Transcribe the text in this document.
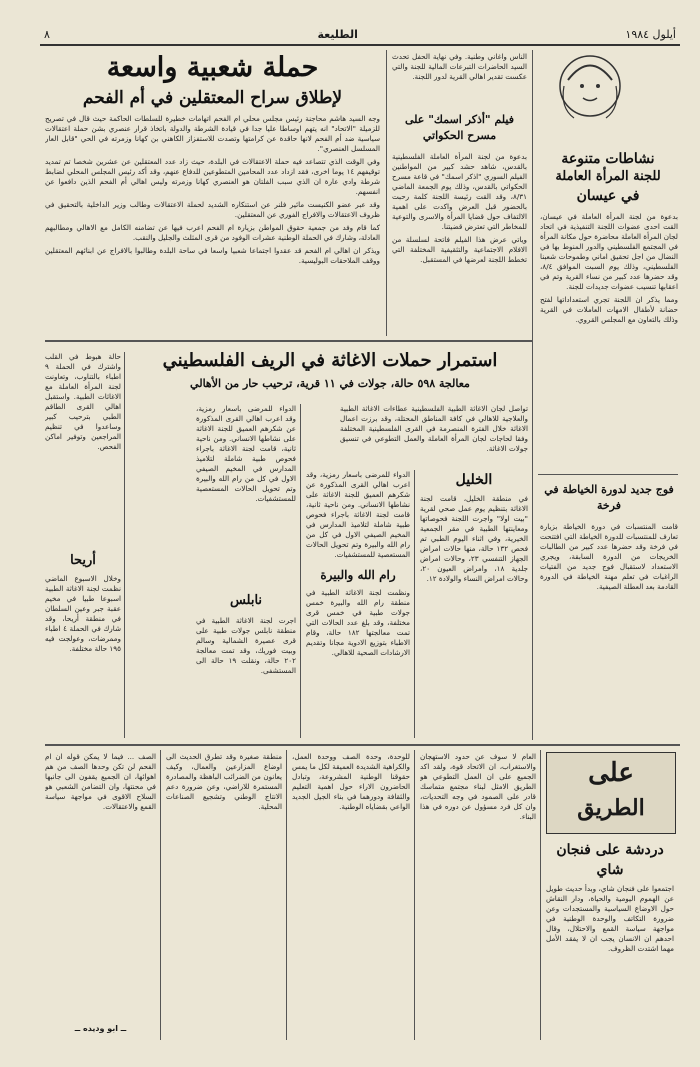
أيلول ١٩٨٤
الطليعة
٨
حملة شعبية واسعة
لإطلاق سراح المعتقلين في أم الفحم

وجه السيد هاشم محاجنة رئيس مجلس محلي ام الفحم اتهامات خطيرة للسلطات الحاكمة حيث قال في تصريح للزميلة "الاتحاد" انه يتهم اوساطا عليا جدا في قيادة الشرطة والدولة باتخاذ قرار عنصري بشن حملة اعتقالات سياسية ضد أم الفحم لانها حاقدة عن كرامتها وتصدت للاستفزاز الكاهني بن كهانا وزمرته في الحي "قابل العار المسلسل العنصري".

وفي الوقت الذي تتصاعد فيه حملة الاعتقالات في البلدة، حيث زاد عدد المعتقلين عن عشرين شخصا تم تمديد توقيفهم ١٤ يوما اخرى، فقد ازداد عدد المحامين المتطوعين للدفاع عنهم، وقد أكد رئيس المجلس المحلي لضابط شرطة وادي عارة ان الذي سبب الفلتان هو العنصري كهانا وزمرته وليس اهالي أم الفحم الذين دافعوا عن انفسهم.

وقد عبر عضو الكنيست مائير فلنر عن استنكاره الشديد لحملة الاعتقالات وطالب وزير الداخلية بالتحقيق في ظروف الاعتقالات والافراج الفوري عن المعتقلين.

كما قام وفد من جمعية حقوق المواطن بزيارة ام الفحم اعرب فيها عن تضامنه الكامل مع الاهالي ومطالبهم العادلة، وشارك في الحملة الوطنية عشرات الوفود من قرى المثلث والجليل والنقب.

ويذكر ان اهالي ام الفحم قد عقدوا اجتماعا شعبيا واسعا في ساحة البلدة وطالبوا بالافراج عن ابنائهم المعتقلين ووقف الملاحقات البوليسية.

الناس واغاني وطنية. وفي نهاية الحفل تحدث السيد الحاضرات التبرعات المالية للجنة والتي عكست تقدير اهالي القرية لدور اللجنة.
فيلم "أذكر اسمك" على مسرح الحكواتي

بدعوة من لجنة المرأة العاملة الفلسطينية بالقدس، شاهد حشد كبير من المواطنين الفيلم السوري "اذكر اسمك" في قاعة مسرح الحكواتي بالقدس، وذلك يوم الجمعة الماضي ٨/٣١، وقد القت رئيسة اللجنة كلمة رحبت بالحضور قبل العرض واكدت على اهمية الالتفاف حول قضايا المرأة والاسرى والتوعية للمخاطر التي تعترض قضيتنا.

وياتي عرض هذا الفيلم فاتحة لسلسلة من الافلام الاجتماعية والتثقيفية المختلفة التي تخطط اللجنة لعرضها في المستقبل.

نشاطات متنوعة
للجنة المرأة العاملة
في عيسان

بدعوة من لجنة المرأة العاملة في عيسان، القت احدى عضوات اللجنة التنفيذية في اتحاد لجان المرأة العاملة محاضرة حول مكانة المرأة في المجتمع الفلسطيني والدور المنوط بها في النضال من اجل تحقيق اماني وطموحات شعبنا الفلسطيني، وذلك يوم السبت الموافق ٨/٤، وقد حضرها عدد كبير من نساء القرية وتم في اعقابها تنسيب عضوات جديدات للجنة.

ومما يذكر ان اللجنة تجري استعداداتها لفتح حضانة لأطفال الامهات العاملات في القرية وذلك بالتعاون مع المجلس القروي.

فوج جديد لدورة الخياطة في فرخة
قامت المنتسبات في دورة الخياطة بزيارة تعارف للمنتسبات للدورة الخياطة التي افتتحت في فرخة وقد حضرها عدد كبير من الطالبات الخريجات من الدورة السابقة، ويجري الاستعداد لاستقبال فوج جديد من الفتيات الراغبات في تعلم مهنة الخياطة في الدورة القادمة بعد العطلة الصيفية.
استمرار حملات الاغاثة في الريف الفلسطيني
معالجة ٥٩٨ حالة، جولات في ١١ قرية، ترحيب حار من الأهالي
تواصل لجان الاغاثة الطبية الفلسطينية عطاءات الاغاثة الطبية والعلاجية للاهالي في كافة المناطق المحتلة، وقد برزت اعمال الاغاثة خلال الفترة المنصرمة في القرى الفلسطينية المختلفة وفقا لحاجات لجان المرأة العاملة والعمل التطوعي في تنسيق جولات الاغاثة.
الخليل
في منطقة الخليل، قامت لجنة الاغاثة بتنظيم يوم عمل صحي لقرية "بيت اولا" واجرت اللجنة فحوصاتها ومعاينتها الطبية في مقر الجمعية الخيرية، وفي اثناء اليوم الطبي تم فحص ١٣٢ حالة، منها حالات امراض الجهاز التنفسي ٢٣، وحالات امراض جلدية ١٨، وامراض العيون ٢٠، وحالات امراض النساء والولادة ١٢.
الدواء للمرضى باسعار رمزية، وقد اعرب اهالي القرى المذكورة عن شكرهم العميق للجنة الاغاثة على نشاطها الانساني. ومن ناحية ثانية، قامت لجنة الاغاثة باجراء فحوص طبية شاملة لتلاميذ المدارس في المخيم الصيفي الاول في كل من رام الله والبيرة وتم تحويل الحالات المستعصية للمستشفيات.
رام الله والبيرة
ونظمت لجنة الاغاثة الطبية في منطقة رام الله والبيرة خمس جولات طبية في خمس قرى مختلفة، وقد بلغ عدد الحالات التي تمت معالجتها ١٨٢ حالة، وقام الاطباء بتوزيع الادوية مجانا وتقديم الارشادات الصحية للاهالي.
الدواء للمرضى باسعار رمزية، وقد اعرب اهالي القرى المذكورة عن شكرهم العميق للجنة الاغاثة على نشاطها الانساني. ومن ناحية ثانية، قامت لجنة الاغاثة باجراء فحوص طبية شاملة لتلاميذ المدارس في المخيم الصيفي الاول في كل من رام الله والبيرة وتم تحويل الحالات المستعصية للمستشفيات.
نابلس
اجرت لجنة الاغاثة الطبية في منطقة نابلس جولات طبية على قرى عصيرة الشمالية وسالم وبيت فوريك، وقد تمت معالجة ٢٠٢ حالة، ونقلت ١٩ حالة الى المستشفى.
حالة هبوط في القلب واشترك في الحملة ٩ اطباء بالتناوب، وتعاونت لجنة المرأة العاملة مع الاغاثات الطبية. واستقبل اهالي القرى الطاقم الطبي بترحيب كبير وساعدوا في تنظيم المراجعين وتوفير اماكن الفحص.
أريحا
وخلال الاسبوع الماضي نظمت لجنة الاغاثة الطبية اسبوعا طبيا في مخيم عقبة جبر وعين السلطان في منطقة أريحا، وقد شارك في الحملة ٤ اطباء وممرضات، وعولجت فيه ١٩٥ حالة مختلفة.
على
الطريق
دردشة على فنجان شاي
اجتمعوا على فنجان شاي، وبدأ حديث طويل عن الهموم اليومية والحياة، ودار النقاش حول الاوضاع السياسية والمستجدات وعن ضرورة التكاتف والوحدة الوطنية في مواجهة سياسة القمع والاحتلال، وقال احدهم ان الانسان يجب ان لا يفقد الأمل مهما اشتدت الظروف.
العام لا سوف عن حدود الاستهجان والاستغراب، ان الاتحاد قوة، ولقد اكد الجميع على ان العمل التطوعي هو الطريق الامثل لبناء مجتمع متماسك قادر على الصمود في وجه التحديات، وان كل فرد مسؤول عن دوره في هذا البناء.
للوحدة، وحدة الصف ووحدة العمل، والكراهية الشديدة العميقة لكل ما يمس حقوقنا الوطنية المشروعة، وتبادل الحاضرون الاراء حول اهمية التعليم والثقافة ودورهما في بناء الجيل الجديد الواعي بقضاياه الوطنية.
منطقة صغيرة وقد تطرق الحديث الى اوضاع المزارعين والعمال، وكيف يعانون من الضرائب الباهظة والمصادرة المستمرة للاراضي، وعن ضرورة دعم الانتاج الوطني وتشجيع الصناعات المحلية.
الصف ... فيما لا يمكن قوله ان ام الفحم لن تكن وحدها الصف من هم اهوائها، ان الجميع يقفون الى جانبها في محنتها، وان التضامن الشعبي هو السلاح الاقوى في مواجهة سياسة القمع والاعتقالات.
ــ ابو وديده ــ
